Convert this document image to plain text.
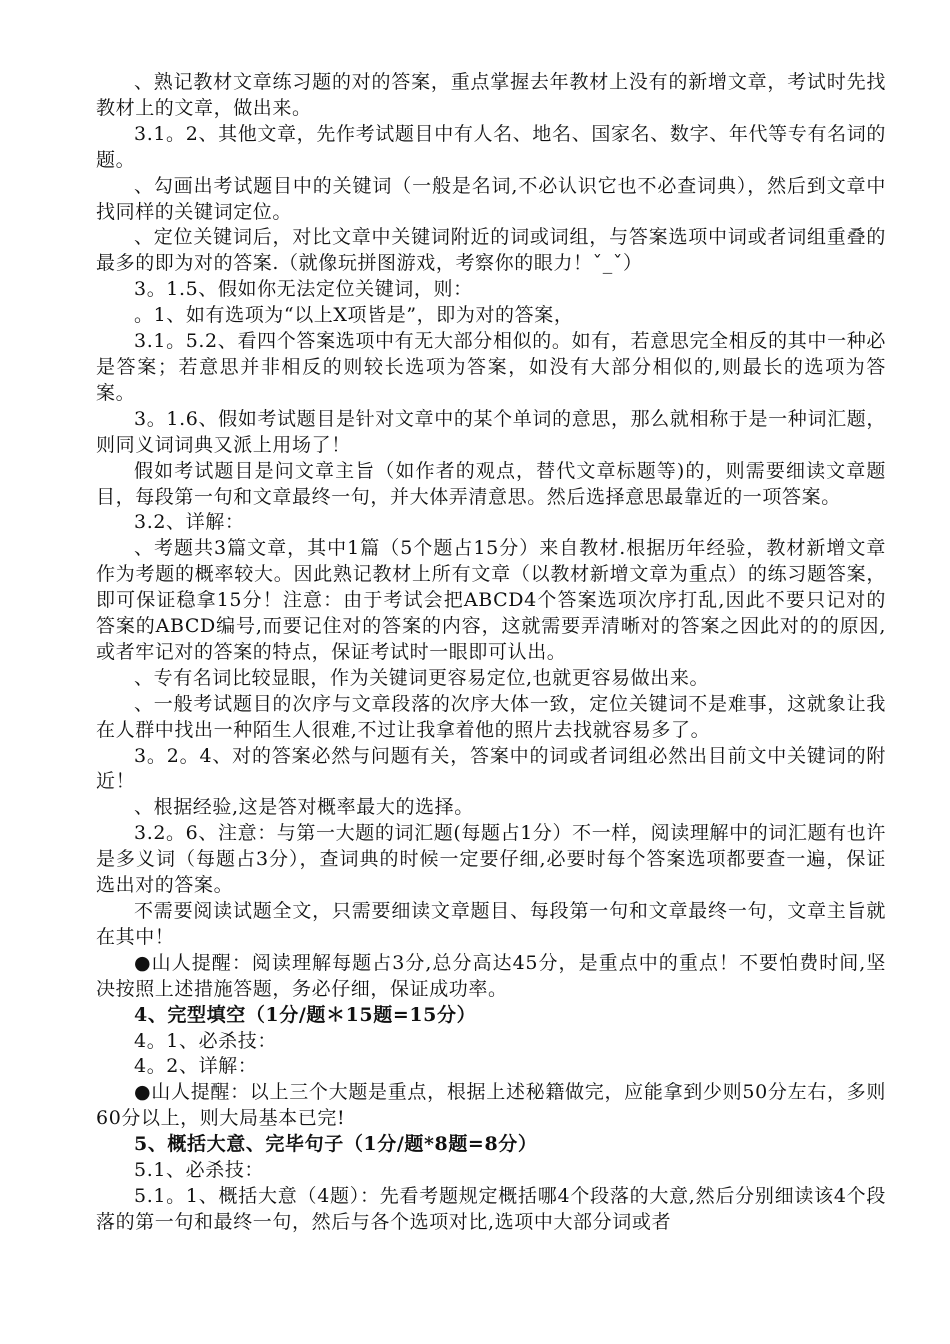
、熟记教材文章练习题的对的答案，重点掌握去年教材上没有的新增文章，考试时先找教材上的文章，做出来。

3.1。2、其他文章，先作考试题目中有人名、地名、国家名、数字、年代等专有名词的题。

、勾画出考试题目中的关键词（一般是名词,不必认识它也不必查词典），然后到文章中找同样的关键词定位。

、定位关键词后，对比文章中关键词附近的词或词组，与答案选项中词或者词组重叠的最多的即为对的答案.（就像玩拼图游戏，考察你的眼力！ˇ_ˇ）

3。1.5、假如你无法定位关键词，则：

。1、如有选项为“以上X项皆是”，即为对的答案，

3.1。5.2、看四个答案选项中有无大部分相似的。如有，若意思完全相反的其中一种必是答案；若意思并非相反的则较长选项为答案，如没有大部分相似的,则最长的选项为答案。

3。1.6、假如考试题目是针对文章中的某个单词的意思，那么就相称于是一种词汇题，则同义词词典又派上用场了！

假如考试题目是问文章主旨（如作者的观点，替代文章标题等)的，则需要细读文章题目，每段第一句和文章最终一句，并大体弄清意思。然后选择意思最靠近的一项答案。

3.2、详解：

、考题共3篇文章，其中1篇（5个题占15分）来自教材.根据历年经验，教材新增文章作为考题的概率较大。因此熟记教材上所有文章（以教材新增文章为重点）的练习题答案，即可保证稳拿15分！注意：由于考试会把ABCD4个答案选项次序打乱,因此不要只记对的答案的ABCD编号,而要记住对的答案的内容，这就需要弄清晰对的答案之因此对的的原因,或者牢记对的答案的特点，保证考试时一眼即可认出。

、专有名词比较显眼，作为关键词更容易定位,也就更容易做出来。

、一般考试题目的次序与文章段落的次序大体一致，定位关键词不是难事，这就象让我在人群中找出一种陌生人很难,不过让我拿着他的照片去找就容易多了。

3。2。4、对的答案必然与问题有关，答案中的词或者词组必然出目前文中关键词的附近！

、根据经验,这是答对概率最大的选择。

3.2。6、注意：与第一大题的词汇题(每题占1分）不一样，阅读理解中的词汇题有也许是多义词（每题占3分），查词典的时候一定要仔细,必要时每个答案选项都要查一遍，保证选出对的答案。

不需要阅读试题全文，只需要细读文章题目、每段第一句和文章最终一句，文章主旨就在其中！

●山人提醒：阅读理解每题占3分,总分高达45分，是重点中的重点！不要怕费时间,坚决按照上述措施答题，务必仔细，保证成功率。

4、完型填空（1分/题＊15题=15分）

4。1、必杀技：

4。2、详解：

●山人提醒：以上三个大题是重点，根据上述秘籍做完，应能拿到少则50分左右，多则60分以上，则大局基本已完!

5、概括大意、完毕句子（1分/题*8题=8分）

5.1、必杀技：

5.1。1、概括大意（4题）：先看考题规定概括哪4个段落的大意,然后分别细读该4个段落的第一句和最终一句，然后与各个选项对比,选项中大部分词或者
